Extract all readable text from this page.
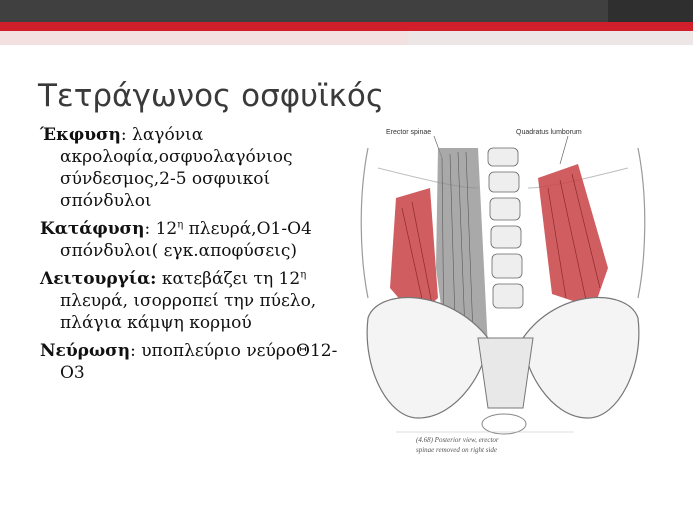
Τετράγωνος οσφυϊκός

Έκφυση: λαγόνια ακρολοφία,οσφυολαγόνιος σύνδεσμος,2-5 οσφυικοί σπόνδυλοι

Κατάφυση: $12^\eta$ πλευρά,Ο1-Ο4 σπόνδυλοι( εγκ.αποφύσεις)

Λειτουργία: κατεβάζει τη $12^\eta$ πλευρά, ισορροπεί την πύελο, πλάγια κάμψη κορμού

Νεύρωση: υποπλεύριο νεύροΘ12-Ο3

Erector spinae	Quadratus lumborum
(4.68) Posterior view, erector
spinae removed on right side
